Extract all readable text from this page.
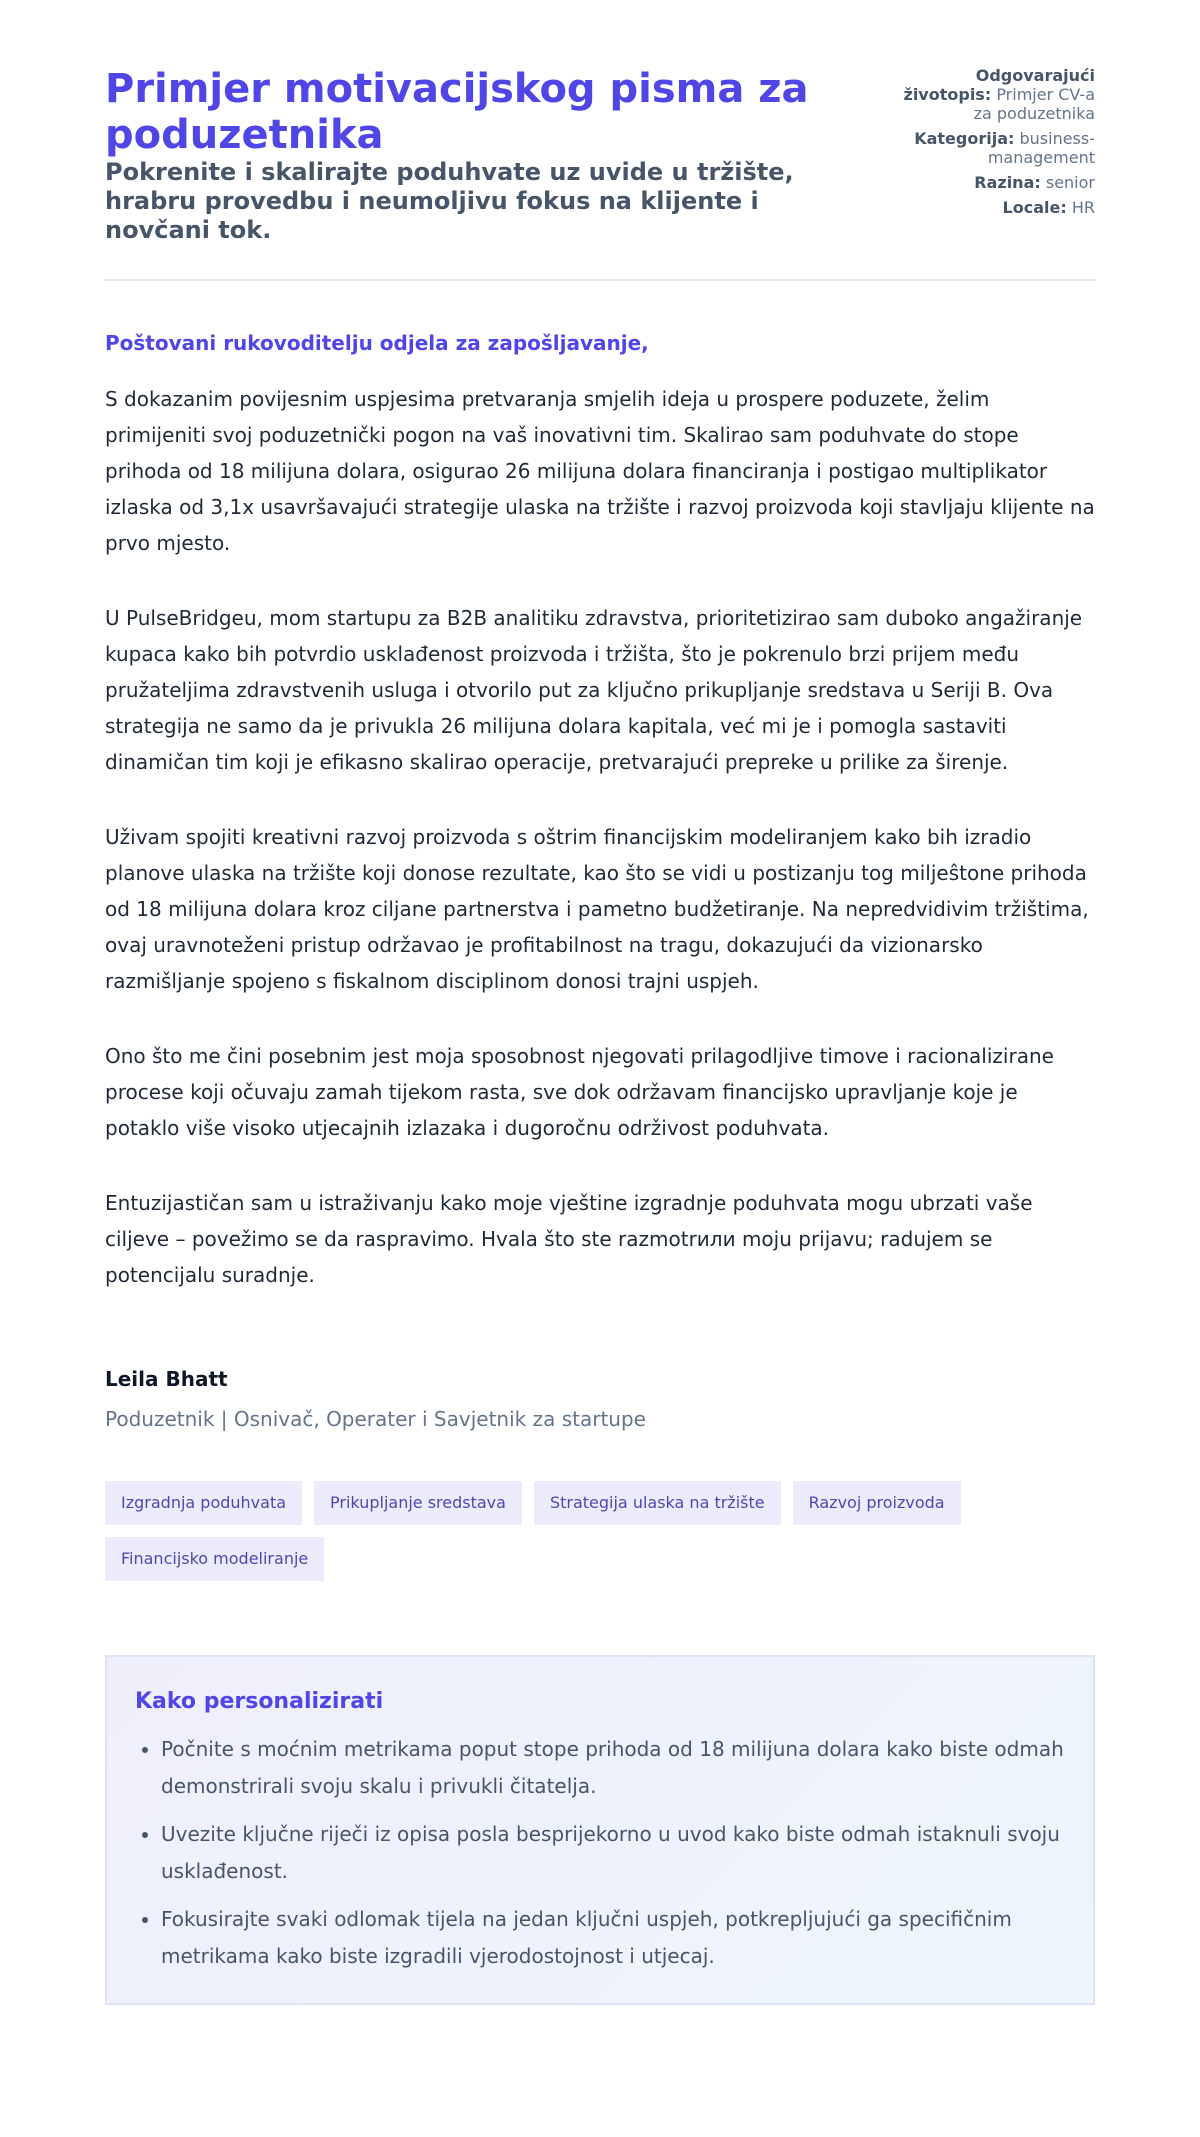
Primjer motivacijskog pisma za poduzetnika
Pokrenite i skalirajte poduhvate uz uvide u tržište, hrabru provedbu i neumoljivu fokus na klijente i novčani tok.
Odgovarajući životopis: Primjer CV-a za poduzetnika
Kategorija: business-management
Razina: senior
Locale: HR

Poštovani rukovoditelju odjela za zapošljavanje,

S dokazanim povijesnim uspjesima pretvaranja smjelih ideja u prospere poduzete, želim primijeniti svoj poduzetnički pogon na vaš inovativni tim. Skalirao sam poduhvate do stope prihoda od 18 milijuna dolara, osigurao 26 milijuna dolara financiranja i postigao multiplikator izlaska od 3,1x usavršavajući strategije ulaska na tržište i razvoj proizvoda koji stavljaju klijente na prvo mjesto.

U PulseBridgeu, mom startupu za B2B analitiku zdravstva, prioritetizirao sam duboko angažiranje kupaca kako bih potvrdio usklađenost proizvoda i tržišta, što je pokrenulo brzi prijem među pružateljima zdravstvenih usluga i otvorilo put za ključno prikupljanje sredstava u Seriji B. Ova strategija ne samo da je privukla 26 milijuna dolara kapitala, već mi je i pomogla sastaviti dinamičan tim koji je efikasno skalirao operacije, pretvarajući prepreke u prilike za širenje.

Uživam spojiti kreativni razvoj proizvoda s oštrim financijskim modeliranjem kako bih izradio planove ulaska na tržište koji donose rezultate, kao što se vidi u postizanju tog miljeŝtone prihoda od 18 milijuna dolara kroz ciljane partnerstva i pametno budžetiranje. Na nepredvidivim tržištima, ovaj uravnoteženi pristup održavao je profitabilnost na tragu, dokazujući da vizionarsko razmišljanje spojeno s fiskalnom disciplinom donosi trajni uspjeh.

Ono što me čini posebnim jest moja sposobnost njegovati prilagodljive timove i racionalizirane procese koji očuvaju zamah tijekom rasta, sve dok održavam financijsko upravljanje koje je potaklo više visoko utjecajnih izlazaka i dugoročnu održivost poduhvata.

Entuzijastičan sam u istraživanju kako moje vještine izgradnje poduhvata mogu ubrzati vaše ciljeve – povežimo se da raspravimo. Hvala što ste razmotrили moju prijavu; radujem se potencijalu suradnje.

Leila Bhatt
Poduzetnik | Osnivač, Operater i Savjetnik za startupe
Izgradnja poduhvata	Prikupljanje sredstava	Strategija ulaska na tržište	Razvoj proizvoda
Financijsko modeliranje
Kako personalizirati
• Počnite s moćnim metrikama poput stope prihoda od 18 milijuna dolara kako biste odmah demonstrirali svoju skalu i privukli čitatelja.
• Uvezite ključne riječi iz opisa posla besprijekorno u uvod kako biste odmah istaknuli svoju usklađenost.
• Fokusirajte svaki odlomak tijela na jedan ključni uspjeh, potkrepljujući ga specifičnim metrikama kako biste izgradili vjerodostojnost i utjecaj.
